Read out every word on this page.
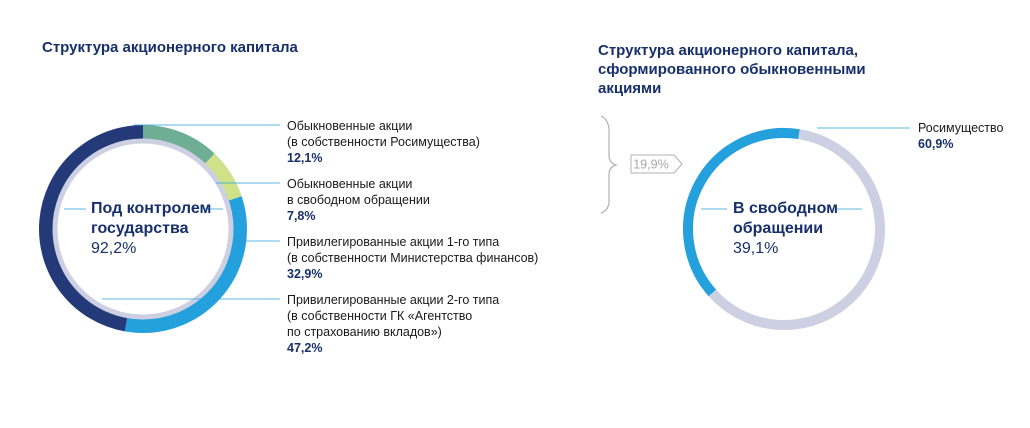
Структура акционерного капитала	Структура акционерного капитала,
сформированного обыкновенными
акциями
19,9%
Под контролем
государства
92,2%
Обыкновенные акции
(в собственности Росимущества)
12,1%
Обыкновенные акции
в свободном обращении
7,8%
Привилегированные акции 1-го типа
(в собственности Министерства финансов)
32,9%
Привилегированные акции 2-го типа
(в собственности ГК «Агентство
по страхованию вкладов»)
47,2%
В свободном
обращении
39,1%
Росимущество
60,9%
